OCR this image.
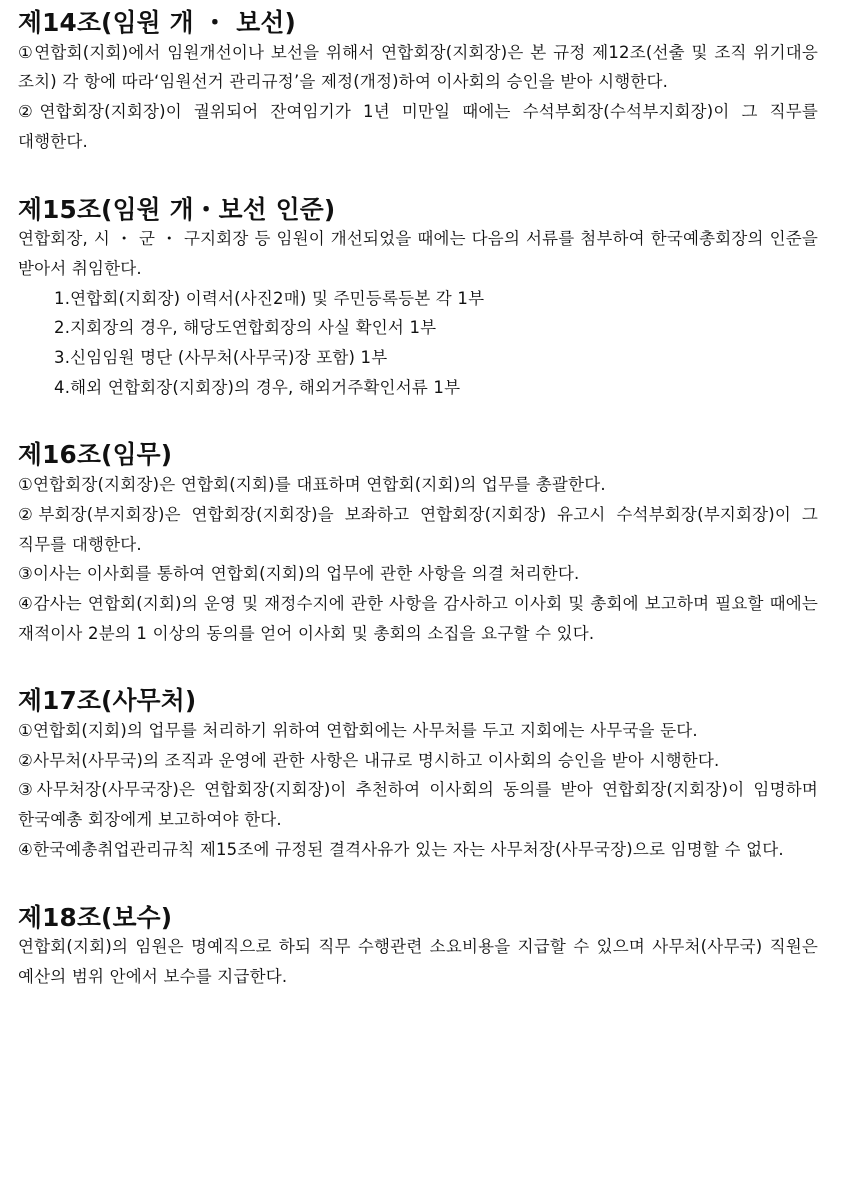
제14조(임원 개 ・ 보선)

①연합회(지회)에서 임원개선이나 보선을 위해서 연합회장(지회장)은 본 규정 제12조(선출 및 조직 위기대응 조치) 각 항에 따라‘임원선거 관리규정’을 제정(개정)하여 이사회의 승인을 받아 시행한다.

②연합회장(지회장)이 궐위되어 잔여임기가 1년 미만일 때에는 수석부회장(수석부지회장)이 그 직무를 대행한다.

제15조(임원 개・보선 인준)

연합회장, 시 ・ 군 ・ 구지회장 등 임원이 개선되었을 때에는 다음의 서류를 첨부하여 한국예총회장의 인준을 받아서 취임한다.

1.연합회(지회장) 이력서(사진2매) 및 주민등록등본 각 1부
2.지회장의 경우, 해당도연합회장의 사실 확인서 1부
3.신임임원 명단 (사무처(사무국)장 포함) 1부
4.해외 연합회장(지회장)의 경우, 해외거주확인서류 1부
제16조(임무)

①연합회장(지회장)은 연합회(지회)를 대표하며 연합회(지회)의 업무를 총괄한다.

②부회장(부지회장)은 연합회장(지회장)을 보좌하고 연합회장(지회장) 유고시 수석부회장(부지회장)이 그 직무를 대행한다.

③이사는 이사회를 통하여 연합회(지회)의 업무에 관한 사항을 의결 처리한다.

④감사는 연합회(지회)의 운영 및 재정수지에 관한 사항을 감사하고 이사회 및 총회에 보고하며 필요할 때에는 재적이사 2분의 1 이상의 동의를 얻어 이사회 및 총회의 소집을 요구할 수 있다.

제17조(사무처)

①연합회(지회)의 업무를 처리하기 위하여 연합회에는 사무처를 두고 지회에는 사무국을 둔다.

②사무처(사무국)의 조직과 운영에 관한 사항은 내규로 명시하고 이사회의 승인을 받아 시행한다.

③사무처장(사무국장)은 연합회장(지회장)이 추천하여 이사회의 동의를 받아 연합회장(지회장)이 임명하며 한국예총 회장에게 보고하여야 한다.

④한국예총취업관리규칙 제15조에 규정된 결격사유가 있는 자는 사무처장(사무국장)으로 임명할 수 없다.

제18조(보수)

연합회(지회)의 임원은 명예직으로 하되 직무 수행관련 소요비용을 지급할 수 있으며 사무처(사무국) 직원은 예산의 범위 안에서 보수를 지급한다.
